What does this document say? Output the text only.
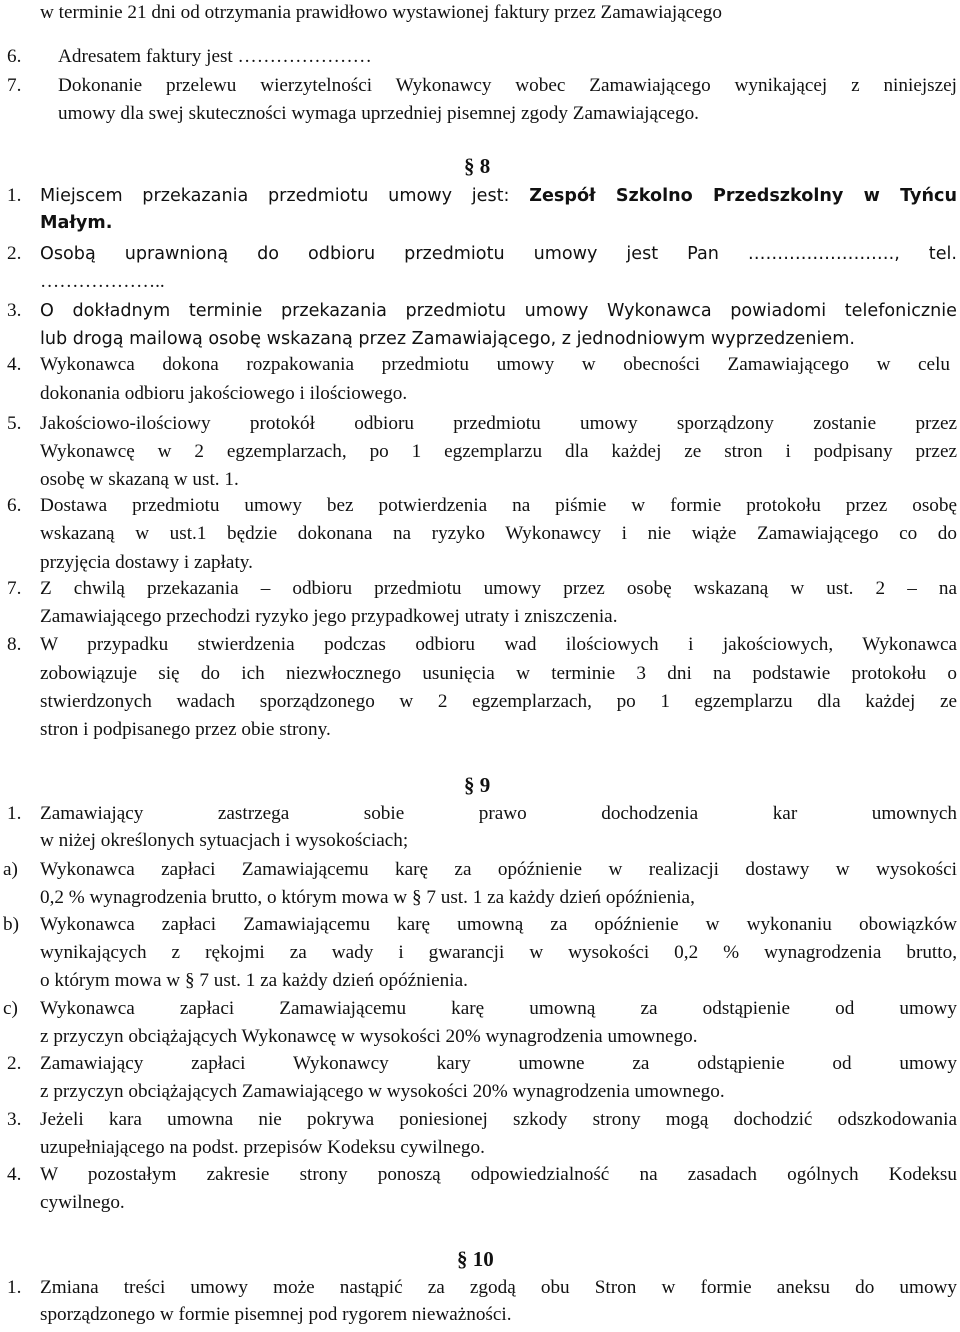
w terminie 21 dni od otrzymania prawidłowo wystawionej faktury przez Zamawiającego
6. Adresatem faktury jest …………………
7. Dokonanie przelewu wierzytelności Wykonawcy wobec Zamawiającego wynikającej z niniejszej
umowy dla swej skuteczności wymaga uprzedniej pisemnej zgody Zamawiającego.
§ 8
1. Miejscem przekazania przedmiotu umowy jest: Zespół Szkolno Przedszkolny w Tyńcu
Małym.
2. Osobą uprawnioną do odbioru przedmiotu umowy jest Pan ……………………., tel.
………………..
3. O dokładnym terminie przekazania przedmiotu umowy Wykonawca powiadomi telefonicznie
lub drogą mailową osobę wskazaną przez Zamawiającego, z jednodniowym wyprzedzeniem.
4. Wykonawca dokona rozpakowania przedmiotu umowy w obecności Zamawiającego w celu
dokonania odbioru jakościowego i ilościowego.
5. Jakościowo-ilościowy protokół odbioru przedmiotu umowy sporządzony zostanie przez
Wykonawcę w 2 egzemplarzach, po 1 egzemplarzu dla każdej ze stron i podpisany przez
osobę w skazaną w ust. 1.
6. Dostawa przedmiotu umowy bez potwierdzenia na piśmie w formie protokołu przez osobę
wskazaną w ust.1 będzie dokonana na ryzyko Wykonawcy i nie wiąże Zamawiającego co do
przyjęcia dostawy i zapłaty.
7. Z chwilą przekazania – odbioru przedmiotu umowy przez osobę wskazaną w ust. 2 – na
Zamawiającego przechodzi ryzyko jego przypadkowej utraty i zniszczenia.
8. W przypadku stwierdzenia podczas odbioru wad ilościowych i jakościowych, Wykonawca
zobowiązuje się do ich niezwłocznego usunięcia w terminie 3 dni na podstawie protokołu o
stwierdzonych wadach sporządzonego w 2 egzemplarzach, po 1 egzemplarzu dla każdej ze
stron i podpisanego przez obie strony.
§ 9
1. Zamawiający zastrzega sobie prawo dochodzenia kar umownych
w niżej określonych sytuacjach i wysokościach;
a) Wykonawca zapłaci Zamawiającemu karę za opóźnienie w realizacji dostawy w wysokości
0,2 % wynagrodzenia brutto, o którym mowa w § 7 ust. 1 za każdy dzień opóźnienia,
b) Wykonawca zapłaci Zamawiającemu karę umowną za opóźnienie w wykonaniu obowiązków
wynikających z rękojmi za wady i gwarancji w wysokości 0,2 % wynagrodzenia brutto,
o którym mowa w § 7 ust. 1 za każdy dzień opóźnienia.
c) Wykonawca zapłaci Zamawiającemu karę umowną za odstąpienie od umowy
z przyczyn obciążających Wykonawcę w wysokości 20% wynagrodzenia umownego.
2. Zamawiający zapłaci Wykonawcy kary umowne za odstąpienie od umowy
z przyczyn obciążających Zamawiającego w wysokości 20% wynagrodzenia umownego.
3. Jeżeli kara umowna nie pokrywa poniesionej szkody strony mogą dochodzić odszkodowania
uzupełniającego na podst. przepisów Kodeksu cywilnego.
4. W pozostałym zakresie strony ponoszą odpowiedzialność na zasadach ogólnych Kodeksu
cywilnego.
§ 10
1. Zmiana treści umowy może nastąpić za zgodą obu Stron w formie aneksu do umowy
sporządzonego w formie pisemnej pod rygorem nieważności.
